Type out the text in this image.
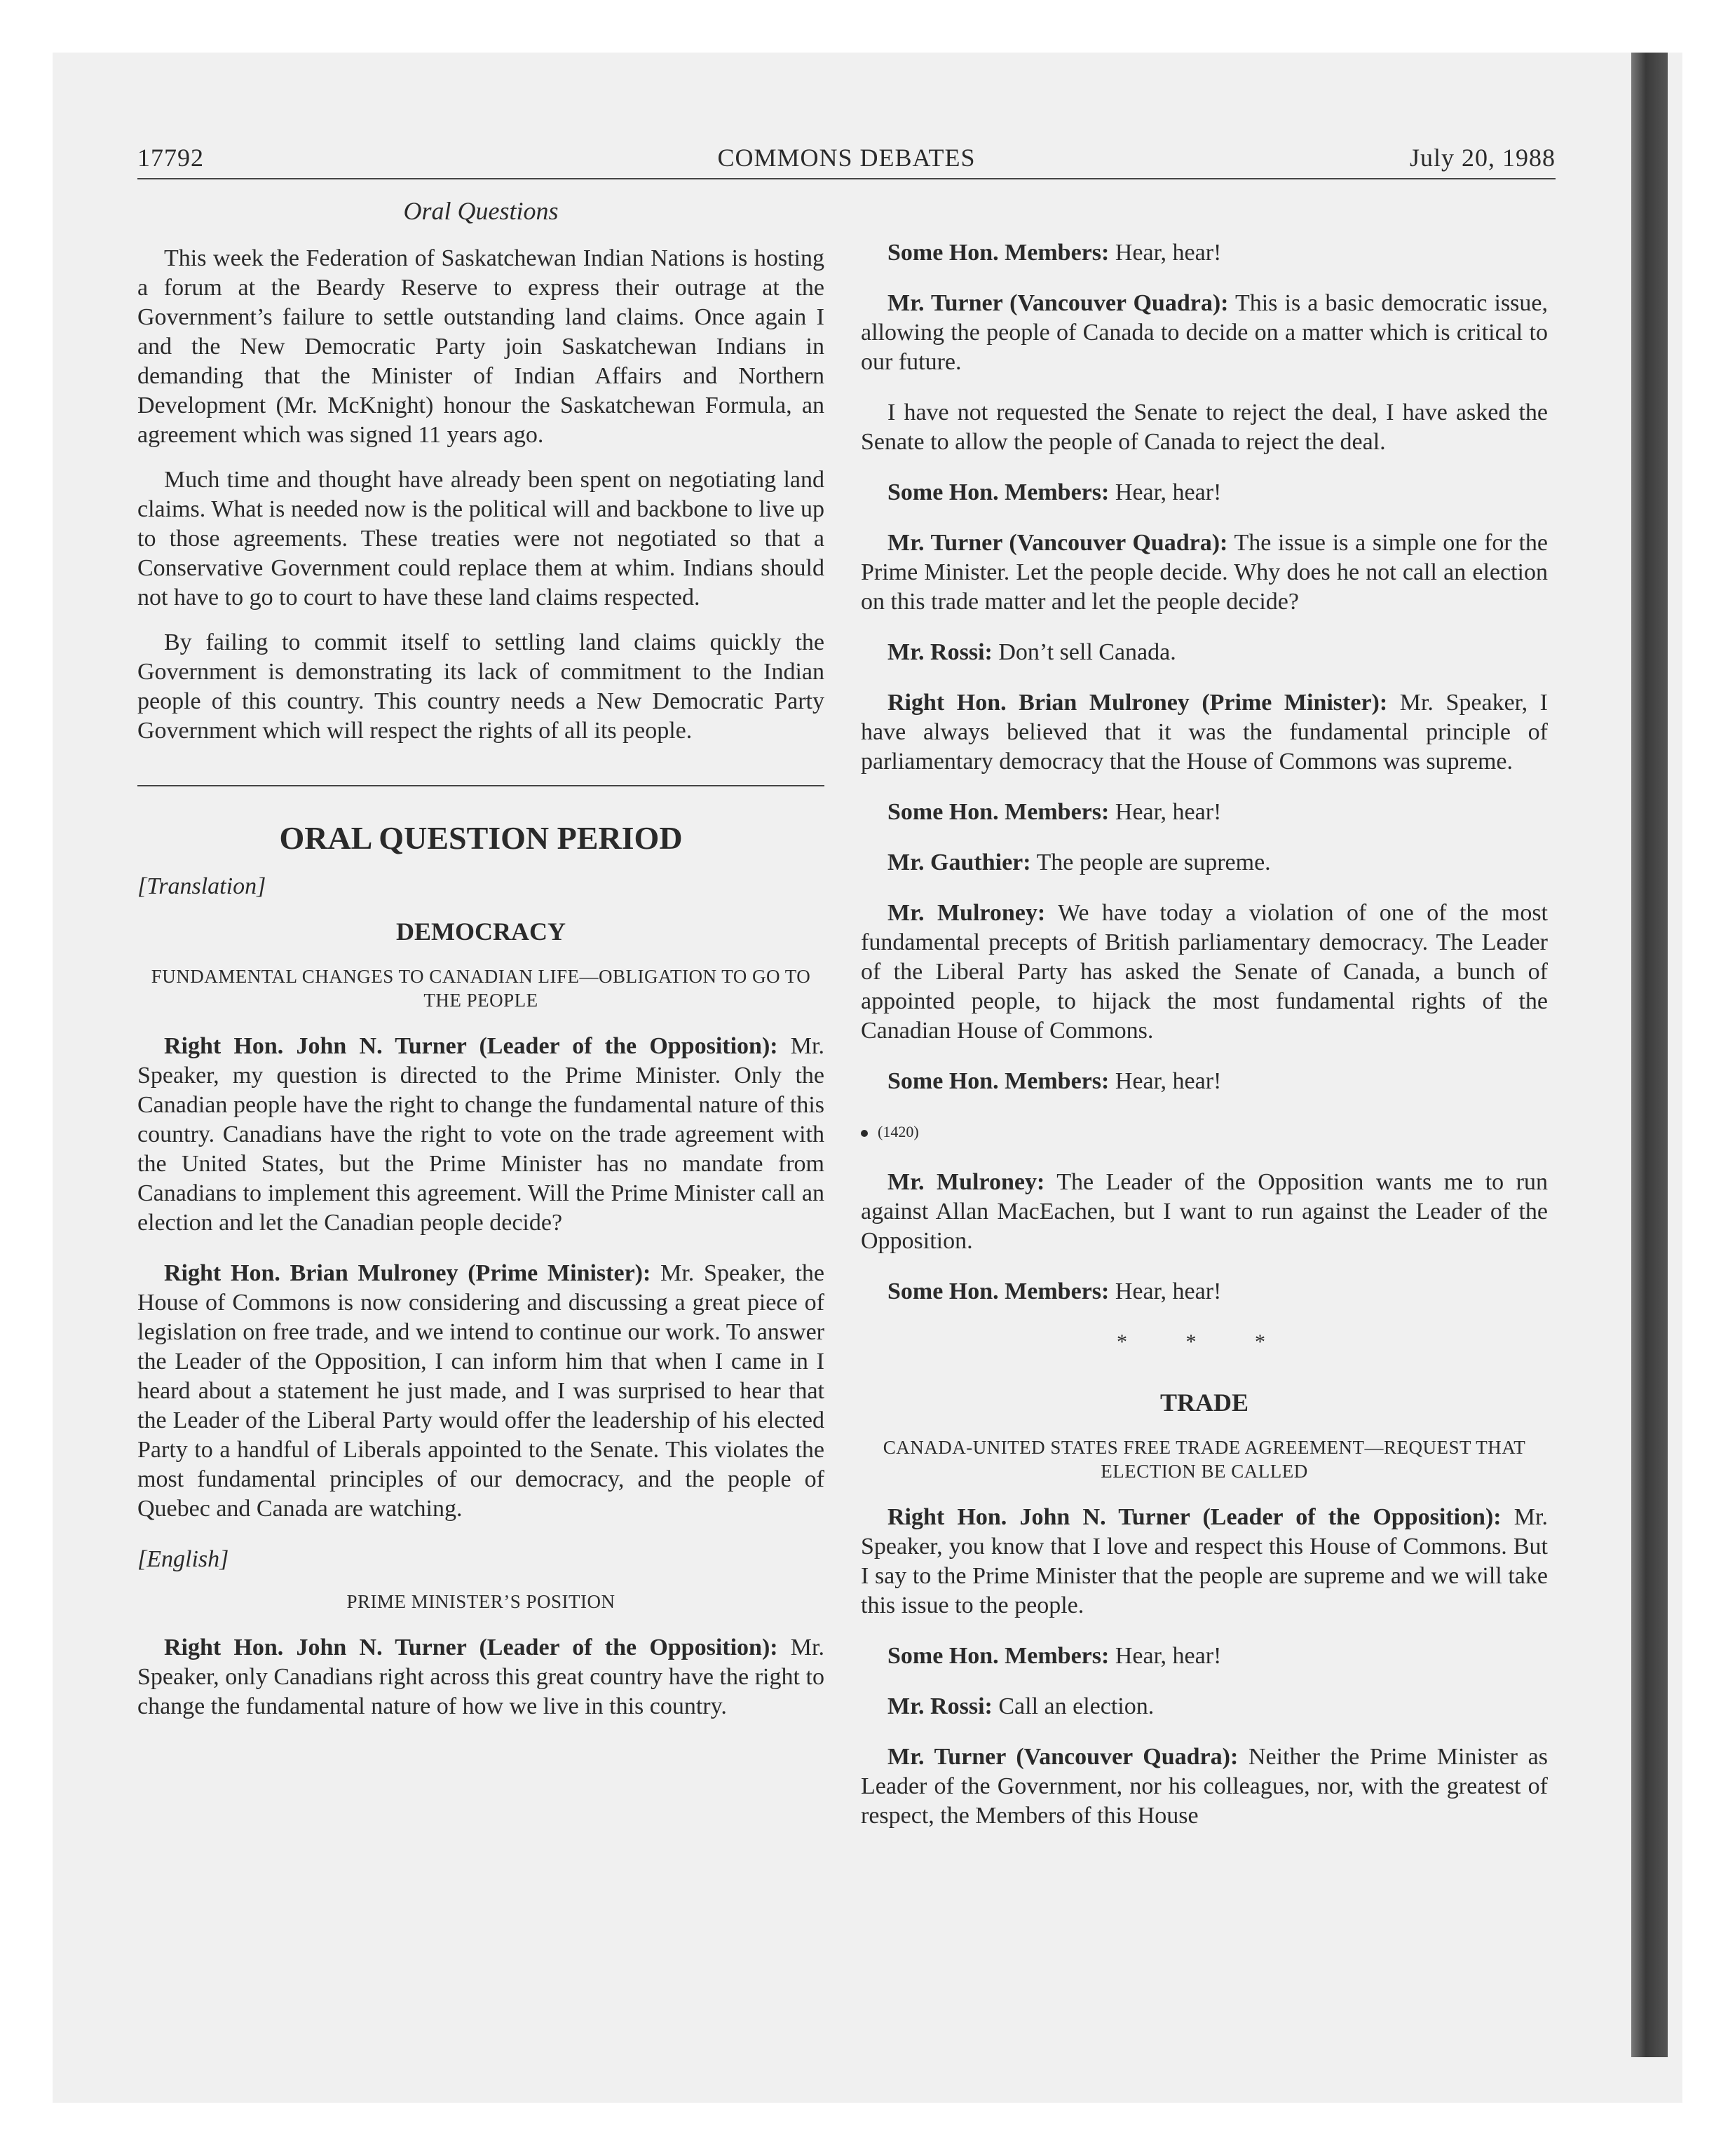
17792	COMMONS DEBATES	July 20, 1988
Oral Questions

This week the Federation of Saskatchewan Indian Nations is hosting a forum at the Beardy Reserve to express their outrage at the Government’s failure to settle outstanding land claims. Once again I and the New Democratic Party join Saskatchewan Indians in demanding that the Minister of Indian Affairs and Northern Development (Mr. McKnight) honour the Saskatchewan Formula, an agreement which was signed 11 years ago.

Much time and thought have already been spent on negotiating land claims. What is needed now is the political will and backbone to live up to those agreements. These treaties were not negotiated so that a Conservative Government could replace them at whim. Indians should not have to go to court to have these land claims respected.

By failing to commit itself to settling land claims quickly the Government is demonstrating its lack of commitment to the Indian people of this country. This country needs a New Democratic Party Government which will respect the rights of all its people.

ORAL QUESTION PERIOD
[Translation]
DEMOCRACY
FUNDAMENTAL CHANGES TO CANADIAN LIFE—OBLIGATION TO GO TO THE PEOPLE

Right Hon. John N. Turner (Leader of the Opposition): Mr. Speaker, my question is directed to the Prime Minister. Only the Canadian people have the right to change the fundamental nature of this country. Canadians have the right to vote on the trade agreement with the United States, but the Prime Minister has no mandate from Canadians to implement this agreement. Will the Prime Minister call an election and let the Canadian people decide?

Right Hon. Brian Mulroney (Prime Minister): Mr. Speaker, the House of Commons is now considering and discussing a great piece of legislation on free trade, and we intend to continue our work. To answer the Leader of the Opposition, I can inform him that when I came in I heard about a statement he just made, and I was surprised to hear that the Leader of the Liberal Party would offer the leadership of his elected Party to a handful of Liberals appointed to the Senate. This violates the most fundamental principles of our democracy, and the people of Quebec and Canada are watching.

[English]
PRIME MINISTER’S POSITION

Right Hon. John N. Turner (Leader of the Opposition): Mr. Speaker, only Canadians right across this great country have the right to change the fundamental nature of how we live in this country.

Some Hon. Members: Hear, hear!

Mr. Turner (Vancouver Quadra): This is a basic democratic issue, allowing the people of Canada to decide on a matter which is critical to our future.

I have not requested the Senate to reject the deal, I have asked the Senate to allow the people of Canada to reject the deal.

Some Hon. Members: Hear, hear!

Mr. Turner (Vancouver Quadra): The issue is a simple one for the Prime Minister. Let the people decide. Why does he not call an election on this trade matter and let the people decide?

Mr. Rossi: Don’t sell Canada.

Right Hon. Brian Mulroney (Prime Minister): Mr. Speaker, I have always believed that it was the fundamental principle of parliamentary democracy that the House of Commons was supreme.

Some Hon. Members: Hear, hear!

Mr. Gauthier: The people are supreme.

Mr. Mulroney: We have today a violation of one of the most fundamental precepts of British parliamentary democracy. The Leader of the Liberal Party has asked the Senate of Canada, a bunch of appointed people, to hijack the most fundamental rights of the Canadian House of Commons.

Some Hon. Members: Hear, hear!

(1420)

Mr. Mulroney: The Leader of the Opposition wants me to run against Allan MacEachen, but I want to run against the Leader of the Opposition.

Some Hon. Members: Hear, hear!

* * *
TRADE
CANADA-UNITED STATES FREE TRADE AGREEMENT—REQUEST THAT ELECTION BE CALLED

Right Hon. John N. Turner (Leader of the Opposition): Mr. Speaker, you know that I love and respect this House of Commons. But I say to the Prime Minister that the people are supreme and we will take this issue to the people.

Some Hon. Members: Hear, hear!

Mr. Rossi: Call an election.

Mr. Turner (Vancouver Quadra): Neither the Prime Minister as Leader of the Government, nor his colleagues, nor, with the greatest of respect, the Members of this House
